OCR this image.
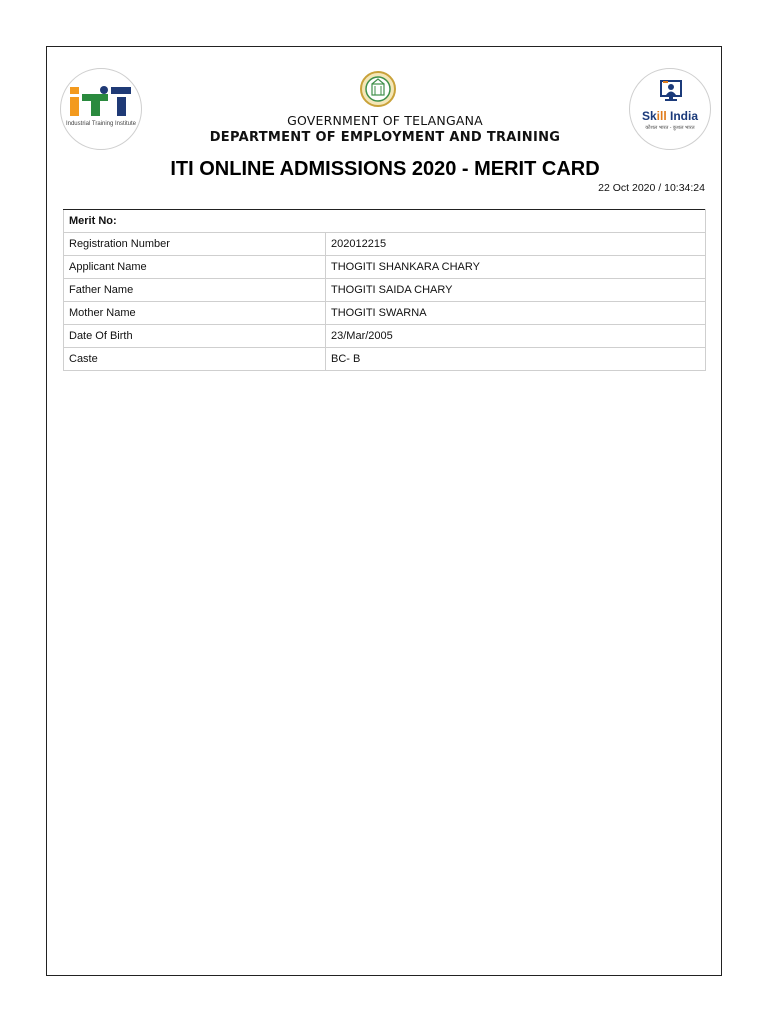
Industrial Training Institute	GOVERNMENT OF TELANGANA
DEPARTMENT OF EMPLOYMENT AND TRAINING
Skill India
कौशल भारत - कुशल भारत
ITI ONLINE ADMISSIONS 2020 - MERIT CARD
22 Oct 2020 / 10:34:24
Merit No:	
Registration Number	202012215
Applicant Name	THOGITI SHANKARA CHARY
Father Name	THOGITI SAIDA CHARY
Mother Name	THOGITI SWARNA
Date Of Birth	23/Mar/2005
Caste	BC- B
